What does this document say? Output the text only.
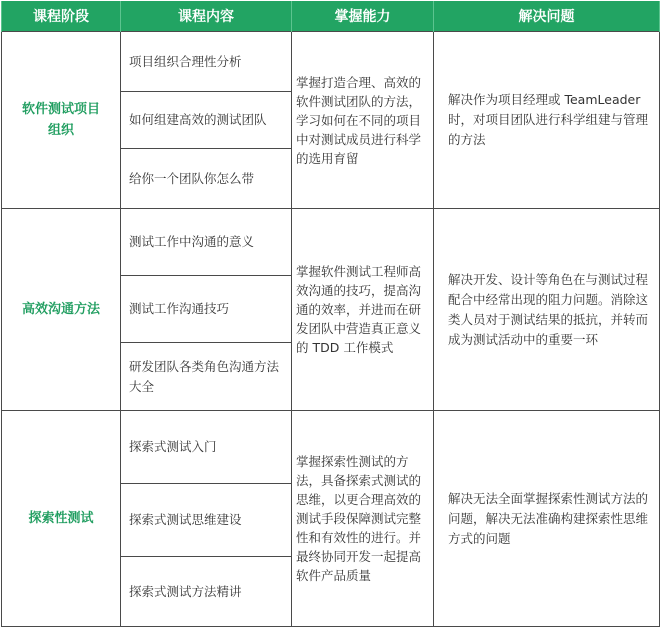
课程阶段	课程内容	掌握能力	解决问题
软件测试项目组织	项目组织合理性分析	掌握打造合理、高效的软件测试团队的方法，学习如何在不同的项目中对测试成员进行科学的选用育留	解决作为项目经理或 TeamLeader 时，对项目团队进行科学组建与管理的方法
	如何组建高效的测试团队		
	给你一个团队你怎么带		
高效沟通方法	测试工作中沟通的意义	掌握软件测试工程师高效沟通的技巧，提高沟通的效率，并进而在研发团队中营造真正意义的 TDD 工作模式	解决开发、设计等角色在与测试过程配合中经常出现的阻力问题。消除这类人员对于测试结果的抵抗，并转而成为测试活动中的重要一环
	测试工作沟通技巧		
	研发团队各类角色沟通方法大全		
探索性测试	探索式测试入门	掌握探索性测试的方法，具备探索式测试的思维，以更合理高效的测试手段保障测试完整性和有效性的进行。并最终协同开发一起提高软件产品质量	解决无法全面掌握探索性测试方法的问题，解决无法准确构建探索性思维方式的问题
	探索式测试思维建设		
	探索式测试方法精讲		
